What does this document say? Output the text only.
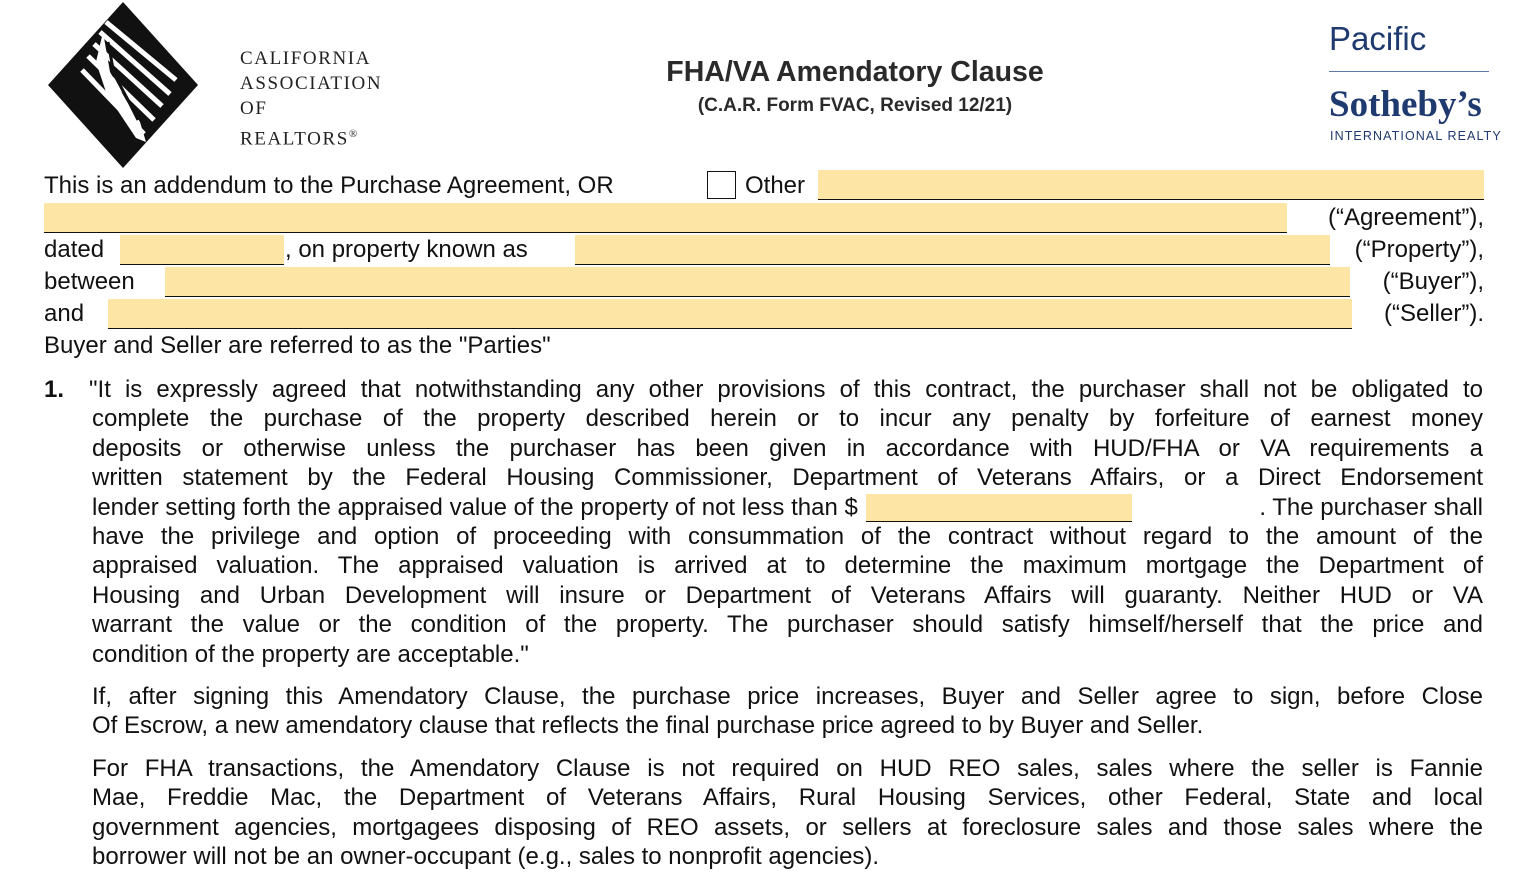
CALIFORNIA
ASSOCIATION
OF REALTORS®
FHA/VA Amendatory Clause
(C.A.R. Form FVAC, Revised 12/21)
Pacific
Sotheby’s
INTERNATIONAL REALTY
This is an addendum to the Purchase Agreement, OR	Other
(“Agreement”),
dated	, on property known as	(“Property”),
between	(“Buyer”),
and	(“Seller”).
Buyer and Seller are referred to as the "Parties"
1. "It is expressly agreed that notwithstanding any other provisions of this contract, the purchaser shall not be obligated to
complete the purchase of the property described herein or to incur any penalty by forfeiture of earnest money
deposits or otherwise unless the purchaser has been given in accordance with HUD/FHA or VA requirements a
written statement by the Federal Housing Commissioner, Department of Veterans Affairs, or a Direct Endorsement
lender setting forth the appraised value of the property of not less than $	. The purchaser shall
have the privilege and option of proceeding with consummation of the contract without regard to the amount of the
appraised valuation. The appraised valuation is arrived at to determine the maximum mortgage the Department of
Housing and Urban Development will insure or Department of Veterans Affairs will guaranty. Neither HUD or VA
warrant the value or the condition of the property. The purchaser should satisfy himself/herself that the price and
condition of the property are acceptable."
If, after signing this Amendatory Clause, the purchase price increases, Buyer and Seller agree to sign, before Close
Of Escrow, a new amendatory clause that reflects the final purchase price agreed to by Buyer and Seller.
For FHA transactions, the Amendatory Clause is not required on HUD REO sales, sales where the seller is Fannie
Mae, Freddie Mac, the Department of Veterans Affairs, Rural Housing Services, other Federal, State and local
government agencies, mortgagees disposing of REO assets, or sellers at foreclosure sales and those sales where the
borrower will not be an owner-occupant (e.g., sales to nonprofit agencies).
